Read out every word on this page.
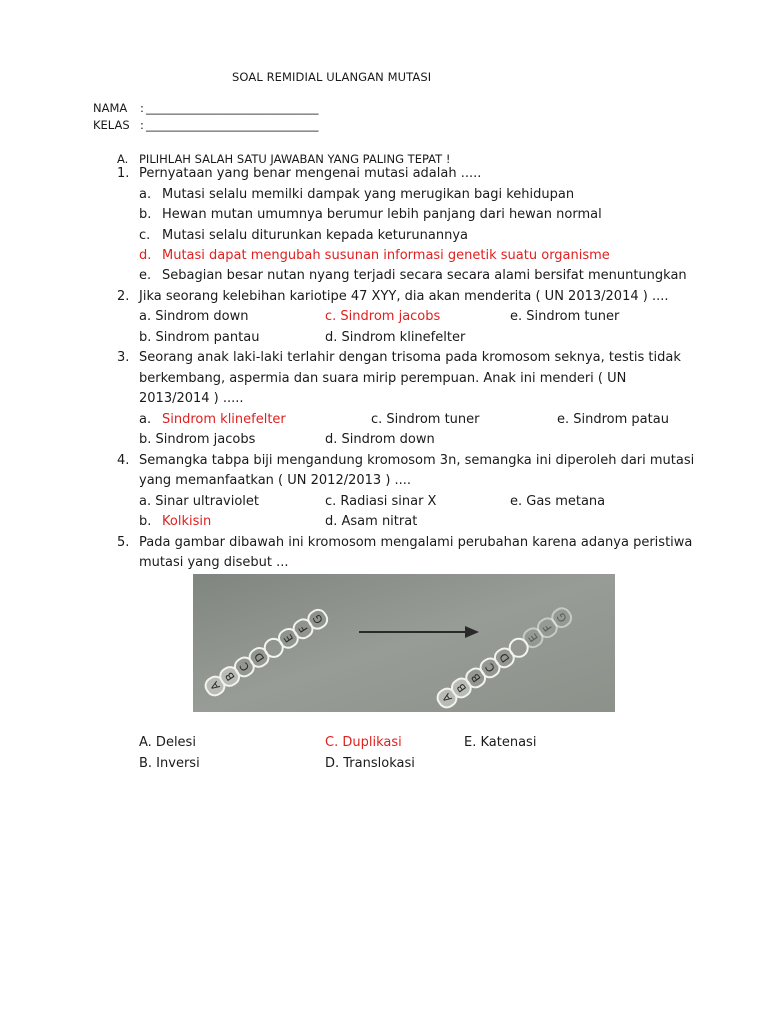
SOAL REMIDIAL ULANGAN MUTASI
NAMA : ______________________________
KELAS : ______________________________
A. PILIHLAH SALAH SATU JAWABAN YANG PALING TEPAT !
1. Pernyataan yang benar mengenai mutasi adalah .....
a. Mutasi selalu memilki dampak yang merugikan bagi kehidupan
b. Hewan mutan umumnya berumur lebih panjang dari hewan normal
c. Mutasi selalu diturunkan kepada keturunannya
d. Mutasi dapat mengubah susunan informasi genetik suatu organisme
e. Sebagian besar nutan nyang terjadi secara secara alami bersifat menuntungkan
2. Jika seorang kelebihan kariotipe 47 XYY, dia akan menderita ( UN 2013/2014 ) ....
a. Sindrom down	c. Sindrom jacobs	e. Sindrom tuner
b. Sindrom pantau	d. Sindrom klinefelter
3. Seorang anak laki-laki terlahir dengan trisoma pada kromosom seknya, testis tidak
berkembang, aspermia dan suara mirip perempuan. Anak ini menderi ( UN
2013/2014 ) .....
a. Sindrom klinefelter	c. Sindrom tuner	e. Sindrom patau
b. Sindrom jacobs	d. Sindrom down
4. Semangka tabpa biji mengandung kromosom 3n, semangka ini diperoleh dari mutasi
yang memanfaatkan ( UN 2012/2013 ) ....
a. Sinar ultraviolet	c. Radiasi sinar X	e. Gas metana
b. Kolkisin	d. Asam nitrat
5. Pada gambar dibawah ini kromosom mengalami perubahan karena adanya peristiwa
mutasi yang disebut ...
A
B
C
D
E
F
G
A
B
B
C
D
E
F
G
A. Delesi	C. Duplikasi	E. Katenasi
B. Inversi	D. Translokasi
